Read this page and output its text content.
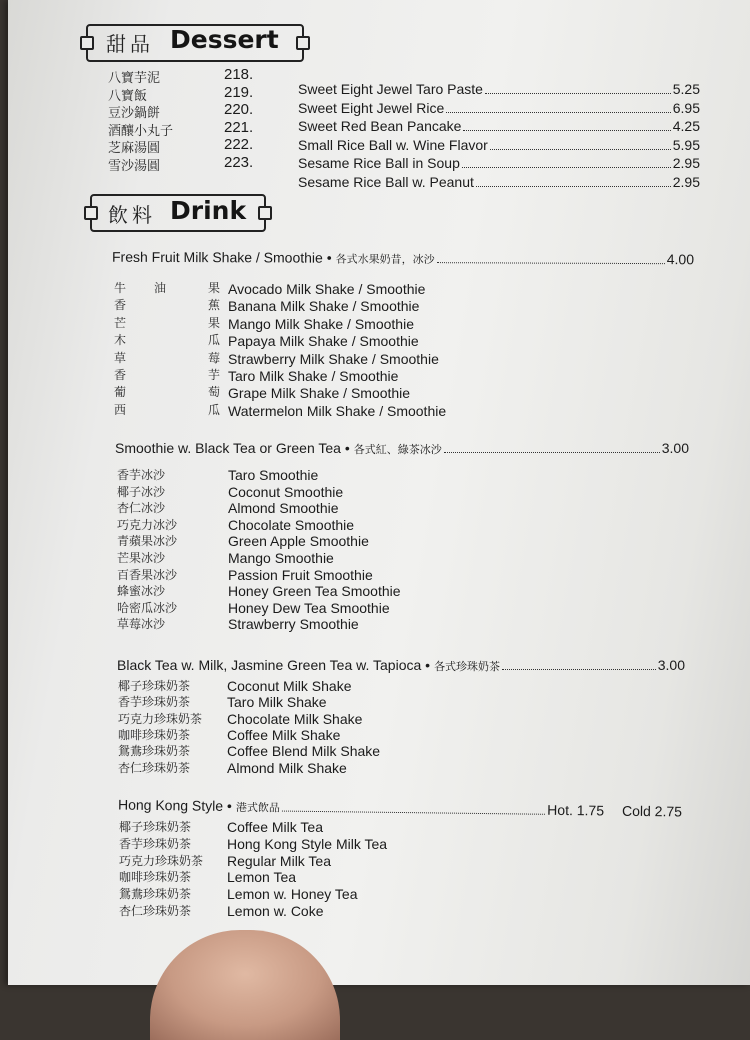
甜品 Dessert
八寶芋泥	218.
Sweet Eight Jewel Taro Paste	5.25
八寶飯	219.
Sweet Eight Jewel Rice	6.95
豆沙鍋餅	220.
Sweet Red Bean Pancake	4.25
酒釀小丸子	221.
Small Rice Ball w. Wine Flavor	5.95
芝麻湯圓	222.
Sesame Rice Ball in Soup	2.95
雪沙湯圓	223.
Sesame Rice Ball w. Peanut	2.95
飲料 Drink
Fresh Fruit Milk Shake / Smoothie • 各式水果奶昔，冰沙	4.00
牛　油	果 Avocado Milk Shake / Smoothie
香	蕉 Banana Milk Shake / Smoothie
芒	果 Mango Milk Shake / Smoothie
木	瓜 Papaya Milk Shake / Smoothie
草	莓 Strawberry Milk Shake / Smoothie
香	芋 Taro Milk Shake / Smoothie
葡	萄 Grape Milk Shake / Smoothie
西	瓜 Watermelon Milk Shake / Smoothie
Smoothie w. Black Tea or Green Tea • 各式紅、綠茶冰沙	3.00
香芋冰沙	Taro Smoothie
椰子冰沙	Coconut Smoothie
杏仁冰沙	Almond Smoothie
巧克力冰沙	Chocolate Smoothie
青蘋果冰沙	Green Apple Smoothie
芒果冰沙	Mango Smoothie
百香果冰沙	Passion Fruit Smoothie
蜂蜜冰沙	Honey Green Tea Smoothie
哈密瓜冰沙	Honey Dew Tea Smoothie
草莓冰沙	Strawberry Smoothie
Black Tea w. Milk, Jasmine Green Tea w. Tapioca • 各式珍珠奶茶	3.00
椰子珍珠奶茶	Coconut Milk Shake
香芋珍珠奶茶	Taro Milk Shake
巧克力珍珠奶茶	Chocolate Milk Shake
咖啡珍珠奶茶	Coffee Milk Shake
鴛鴦珍珠奶茶	Coffee Blend Milk Shake
杏仁珍珠奶茶	Almond Milk Shake
Hong Kong Style • 港式飲品	Hot. 1.75 Cold 2.75
椰子珍珠奶茶	Coffee Milk Tea
香芋珍珠奶茶	Hong Kong Style Milk Tea
巧克力珍珠奶茶	Regular Milk Tea
咖啡珍珠奶茶	Lemon Tea
鴛鴦珍珠奶茶	Lemon w. Honey Tea
杏仁珍珠奶茶	Lemon w. Coke
